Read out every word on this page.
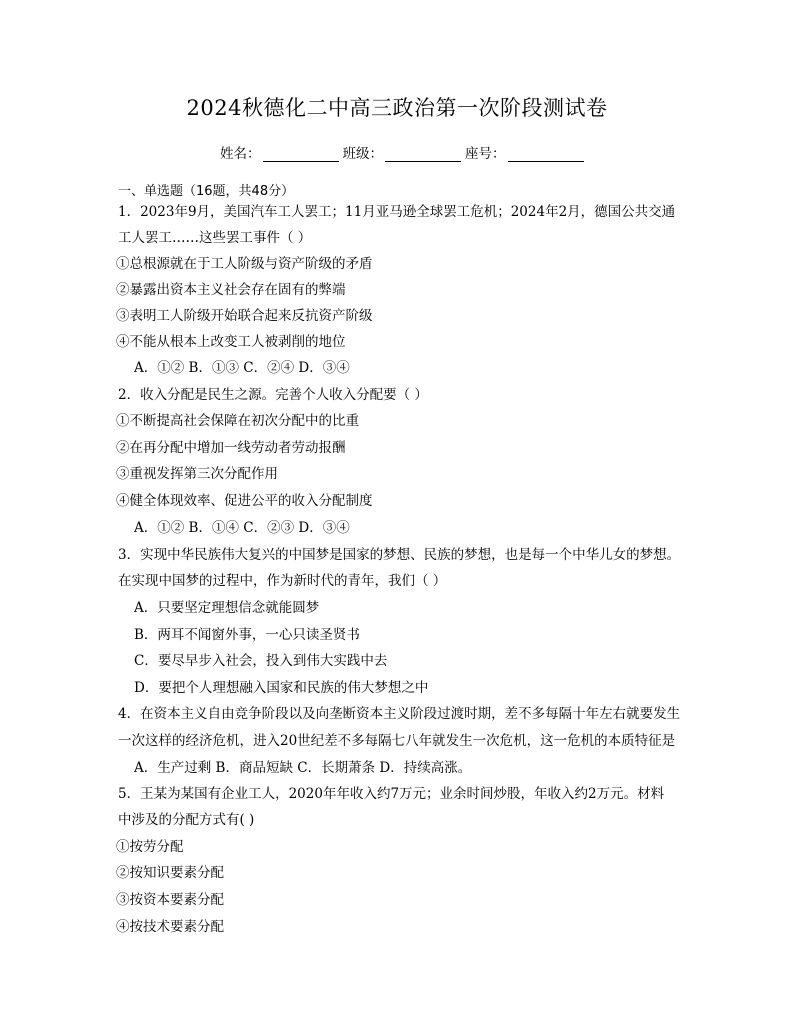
2024秋德化二中高三政治第一次阶段测试卷
姓名：	班级：	座号：
一、单选题（16题，共48分）
1．2023年9月，美国汽车工人罢工；11月亚马逊全球罢工危机；2024年2月，德国公共交通
工人罢工……这些罢工事件（ ）
①总根源就在于工人阶级与资产阶级的矛盾
②暴露出资本主义社会存在固有的弊端
③表明工人阶级开始联合起来反抗资产阶级
④不能从根本上改变工人被剥削的地位
A．①② B．①③ C．②④ D．③④
2．收入分配是民生之源。完善个人收入分配要（ ）
①不断提高社会保障在初次分配中的比重
②在再分配中增加一线劳动者劳动报酬
③重视发挥第三次分配作用
④健全体现效率、促进公平的收入分配制度
A．①② B．①④ C．②③ D．③④
3．实现中华民族伟大复兴的中国梦是国家的梦想、民族的梦想，也是每一个中华儿女的梦想。
在实现中国梦的过程中，作为新时代的青年，我们（ ）
A．只要坚定理想信念就能圆梦
B．两耳不闻窗外事，一心只读圣贤书
C．要尽早步入社会，投入到伟大实践中去
D．要把个人理想融入国家和民族的伟大梦想之中
4．在资本主义自由竞争阶段以及向垄断资本主义阶段过渡时期，差不多每隔十年左右就要发生
一次这样的经济危机，进入20世纪差不多每隔七八年就发生一次危机，这一危机的本质特征是
A．生产过剩 B．商品短缺 C．长期萧条 D．持续高涨。
5．王某为某国有企业工人，2020年年收入约7万元；业余时间炒股，年收入约2万元。材料
中涉及的分配方式有( )
①按劳分配
②按知识要素分配
③按资本要素分配
④按技术要素分配
